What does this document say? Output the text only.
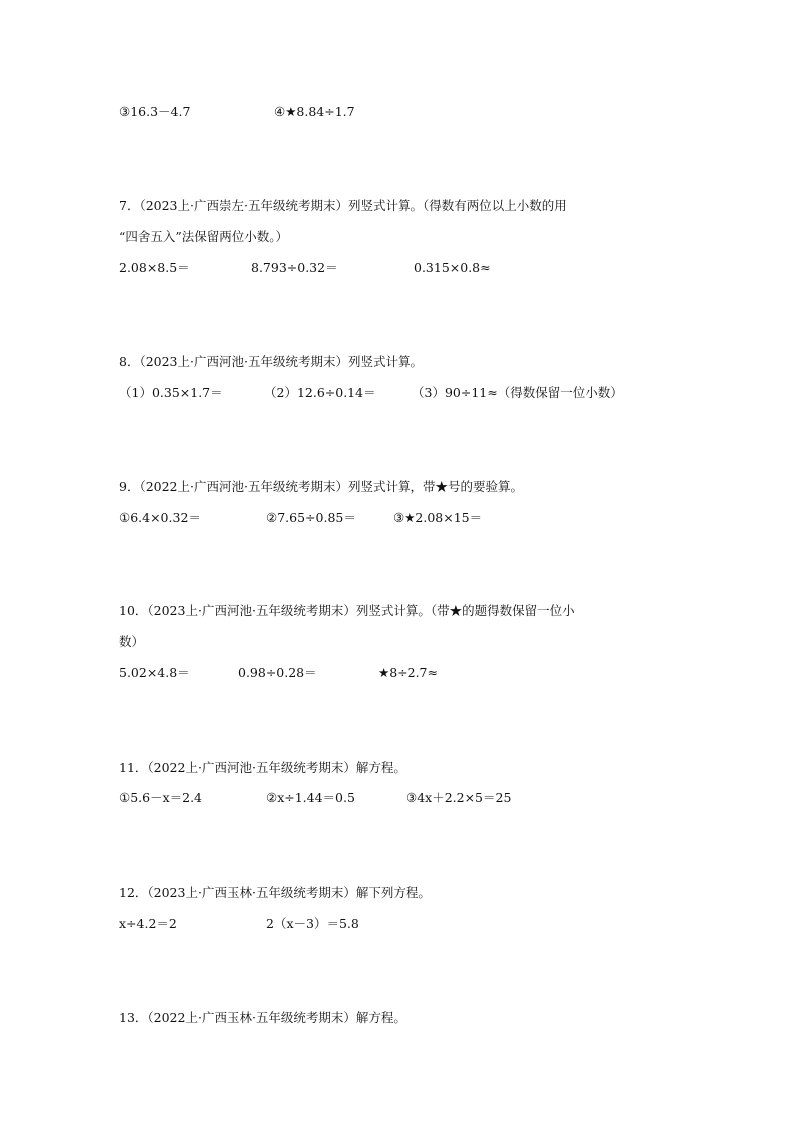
③16.3－4.7	④★8.84÷1.7
7．（2023上·广西崇左·五年级统考期末）列竖式计算。（得数有两位以上小数的用
“四舍五入”法保留两位小数。）
2.08×8.5＝	8.793÷0.32＝	0.315×0.8≈
8．（2023上·广西河池·五年级统考期末）列竖式计算。
（1）0.35×1.7＝	（2）12.6÷0.14＝	（3）90÷11≈（得数保留一位小数）
9．（2022上·广西河池·五年级统考期末）列竖式计算，带★号的要验算。
①6.4×0.32＝	②7.65÷0.85＝	③★2.08×15＝
10．（2023上·广西河池·五年级统考期末）列竖式计算。（带★的题得数保留一位小
数）
5.02×4.8＝	0.98÷0.28＝	★8÷2.7≈
11．（2022上·广西河池·五年级统考期末）解方程。
①5.6－x＝2.4	②x÷1.44＝0.5	③4x＋2.2×5＝25
12．（2023上·广西玉林·五年级统考期末）解下列方程。
x÷4.2＝2	2（x－3）＝5.8
13．（2022上·广西玉林·五年级统考期末）解方程。
